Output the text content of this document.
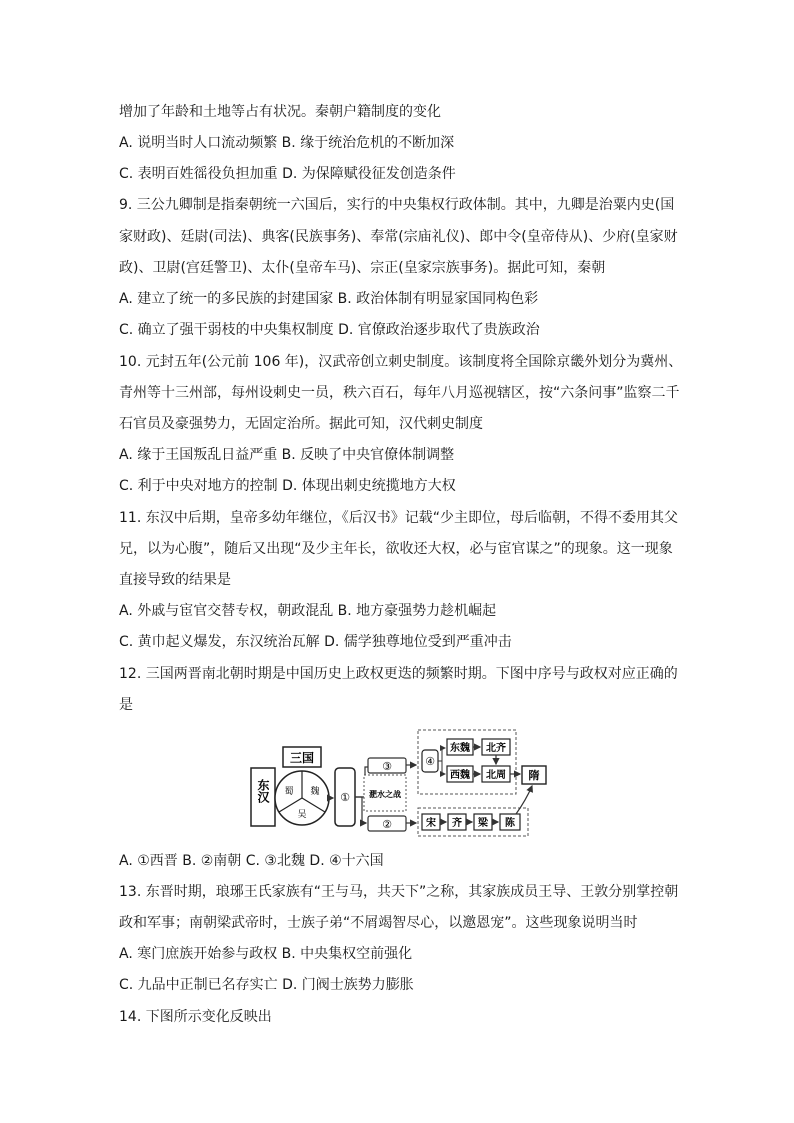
增加了年龄和土地等占有状况。秦朝户籍制度的变化
A. 说明当时人口流动频繁 B. 缘于统治危机的不断加深
C. 表明百姓徭役负担加重 D. 为保障赋役征发创造条件
9. 三公九卿制是指秦朝统一六国后，实行的中央集权行政体制。其中，九卿是治粟内史(国
家财政)、廷尉(司法)、典客(民族事务)、奉常(宗庙礼仪)、郎中令(皇帝侍从)、少府(皇家财
政)、卫尉(宫廷警卫)、太仆(皇帝车马)、宗正(皇家宗族事务)。据此可知，秦朝
A. 建立了统一的多民族的封建国家 B. 政治体制有明显家国同构色彩
C. 确立了强干弱枝的中央集权制度 D. 官僚政治逐步取代了贵族政治
10. 元封五年(公元前 106 年)，汉武帝创立刺史制度。该制度将全国除京畿外划分为冀州、
青州等十三州部，每州设刺史一员，秩六百石，每年八月巡视辖区，按“六条问事”监察二千
石官员及豪强势力，无固定治所。据此可知，汉代刺史制度
A. 缘于王国叛乱日益严重 B. 反映了中央官僚体制调整
C. 利于中央对地方的控制 D. 体现出刺史统揽地方大权
11. 东汉中后期，皇帝多幼年继位，《后汉书》记载“少主即位，母后临朝，不得不委用其父
兄，以为心腹”，随后又出现“及少主年长，欲收还大权，必与宦官谋之”的现象。这一现象
直接导致的结果是
A. 外戚与宦官交替专权，朝政混乱 B. 地方豪强势力趁机崛起
C. 黄巾起义爆发，东汉统治瓦解 D. 儒学独尊地位受到严重冲击
12. 三国两晋南北朝时期是中国历史上政权更迭的频繁时期。下图中序号与政权对应正确的
是
东汉
三国
蜀 魏
吴
① 淝水之战
③
②
④
东魏 北齐
西魏 北周 隋
宋 齐 梁 陈
A. ①西晋 B. ②南朝 C. ③北魏 D. ④十六国
13. 东晋时期，琅琊王氏家族有“王与马，共天下”之称，其家族成员王导、王敦分别掌控朝
政和军事；南朝梁武帝时，士族子弟“不屑竭智尽心，以邀恩宠”。这些现象说明当时
A. 寒门庶族开始参与政权 B. 中央集权空前强化
C. 九品中正制已名存实亡 D. 门阀士族势力膨胀
14. 下图所示变化反映出
